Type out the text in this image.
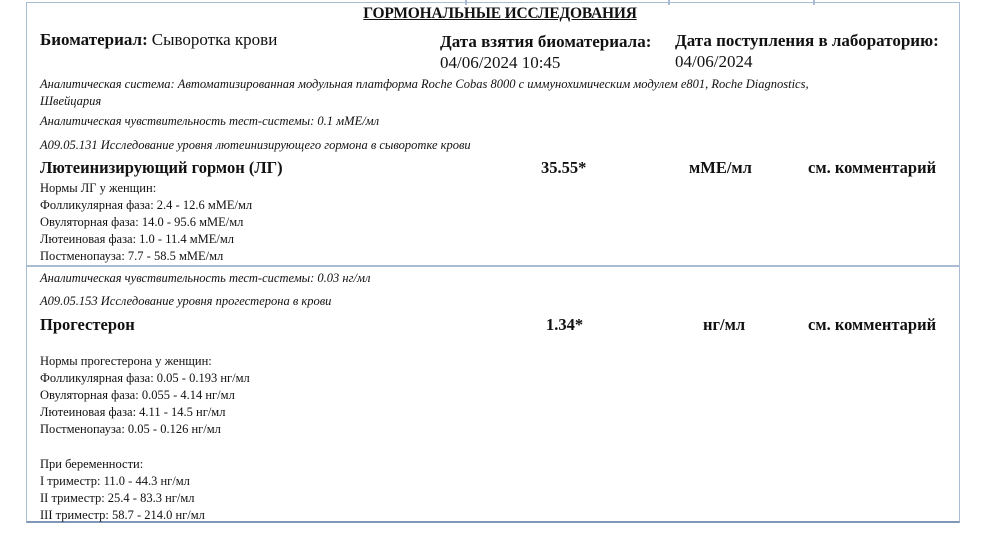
ГОРМОНАЛЬНЫЕ ИССЛЕДОВАНИЯ
Биоматериал: Сыворотка крови	Дата взятия биоматериала:
04/06/2024 10:45
Дата поступления в лабораторию:
04/06/2024
Аналитическая система: Автоматизированная модульная платформа Roche Cobas 8000 с иммунохимическим модулем e801, Roche Diagnostics,
Швейцария
Аналитическая чувствительность тест-системы: 0.1 мМЕ/мл
A09.05.131 Исследование уровня лютеинизирующего гормона в сыворотке крови
Лютеинизирующий гормон (ЛГ)	35.55*	мМЕ/мл	см. комментарий
Нормы ЛГ у женщин:
Фолликулярная фаза: 2.4 - 12.6 мМЕ/мл
Овуляторная фаза: 14.0 - 95.6 мМЕ/мл
Лютеиновая фаза: 1.0 - 11.4 мМЕ/мл
Постменопауза: 7.7 - 58.5 мМЕ/мл
Аналитическая чувствительность тест-системы: 0.03 нг/мл
A09.05.153 Исследование уровня прогестерона в крови
Прогестерон	1.34*	нг/мл	см. комментарий
Нормы прогестерона у женщин:
Фолликулярная фаза: 0.05 - 0.193 нг/мл
Овуляторная фаза: 0.055 - 4.14 нг/мл
Лютеиновая фаза: 4.11 - 14.5 нг/мл
Постменопауза: 0.05 - 0.126 нг/мл
При беременности:
I триместр: 11.0 - 44.3 нг/мл
II триместр: 25.4 - 83.3 нг/мл
III триместр: 58.7 - 214.0 нг/мл
